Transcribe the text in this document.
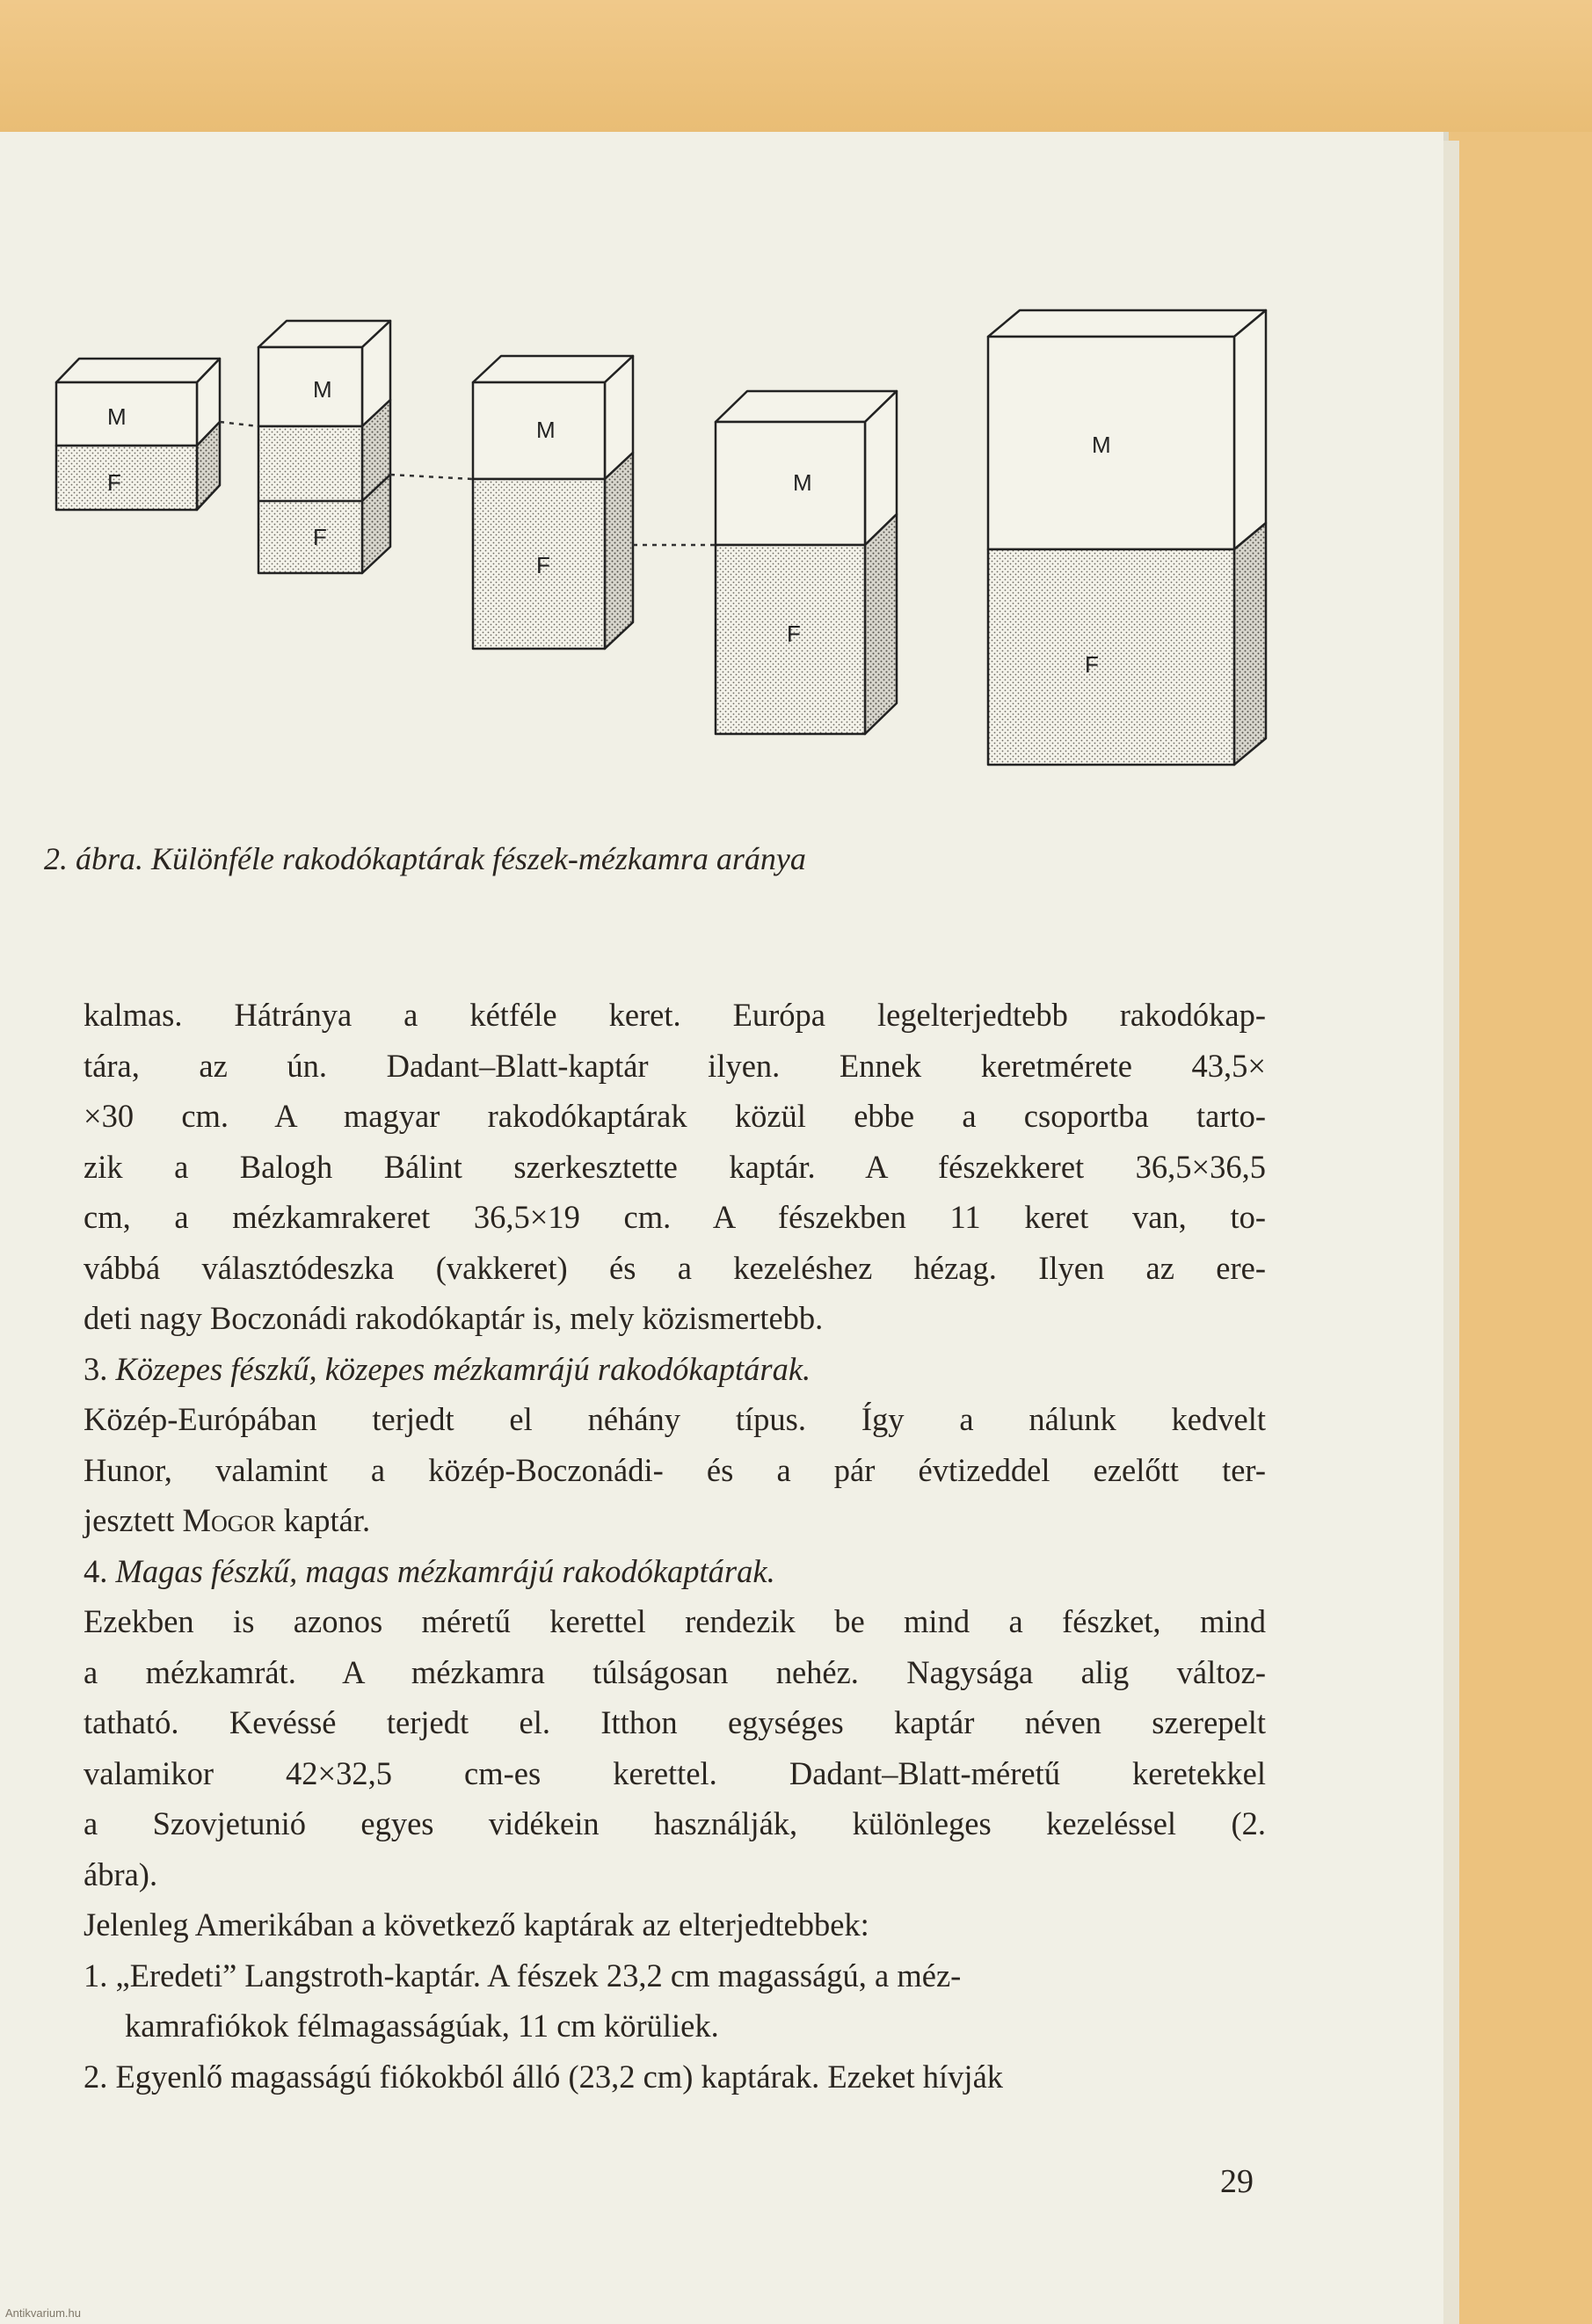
M
F
M
F
M
F
M
F
M
F
2. ábra. Különféle rakodókaptárak fészek-mézkamra aránya
kalmas. Hátránya a kétféle keret. Európa legelterjedtebb rakodókap-
tára, az ún. Dadant–Blatt-kaptár ilyen. Ennek keretmérete 43,5×
×30 cm. A magyar rakodókaptárak közül ebbe a csoportba tarto-
zik a Balogh Bálint szerkesztette kaptár. A fészekkeret 36,5×36,5
cm, a mézkamrakeret 36,5×19 cm. A fészekben 11 keret van, to-
vábbá választódeszka (vakkeret) és a kezeléshez hézag. Ilyen az ere-
deti nagy Boczonádi rakodókaptár is, mely közismertebb.
3. Közepes fészkű, közepes mézkamrájú rakodókaptárak.
Közép-Európában terjedt el néhány típus. Így a nálunk kedvelt
Hunor, valamint a közép-Boczonádi- és a pár évtizeddel ezelőtt ter-
jesztett Mogor kaptár.
4. Magas fészkű, magas mézkamrájú rakodókaptárak.
Ezekben is azonos méretű kerettel rendezik be mind a fészket, mind
a mézkamrát. A mézkamra túlságosan nehéz. Nagysága alig változ-
tatható. Kevéssé terjedt el. Itthon egységes kaptár néven szerepelt
valamikor 42×32,5 cm-es kerettel. Dadant–Blatt-méretű keretekkel
a Szovjetunió egyes vidékein használják, különleges kezeléssel (2.
ábra).
Jelenleg Amerikában a következő kaptárak az elterjedtebbek:
1. „Eredeti” Langstroth-kaptár. A fészek 23,2 cm magasságú, a méz-
kamrafiókok félmagasságúak, 11 cm körüliek.
2. Egyenlő magasságú fiókokból álló (23,2 cm) kaptárak. Ezeket hívják
29
Antikvarium.hu
